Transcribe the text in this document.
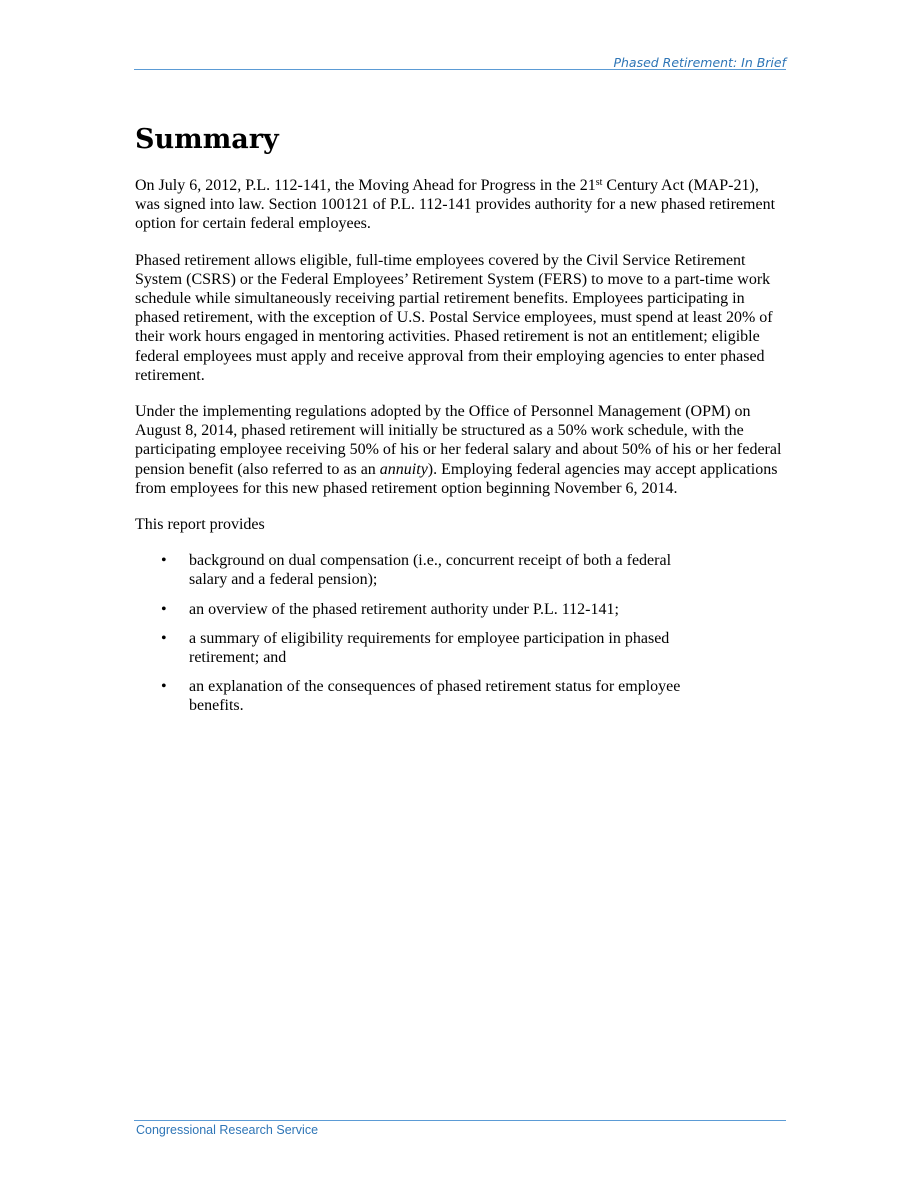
Phased Retirement: In Brief
Summary

On July 6, 2012, P.L. 112-141, the Moving Ahead for Progress in the 21st Century Act (MAP-21), was signed into law. Section 100121 of P.L. 112-141 provides authority for a new phased retirement option for certain federal employees.

Phased retirement allows eligible, full-time employees covered by the Civil Service Retirement System (CSRS) or the Federal Employees’ Retirement System (FERS) to move to a part-time work schedule while simultaneously receiving partial retirement benefits. Employees participating in phased retirement, with the exception of U.S. Postal Service employees, must spend at least 20% of their work hours engaged in mentoring activities. Phased retirement is not an entitlement; eligible federal employees must apply and receive approval from their employing agencies to enter phased retirement.

Under the implementing regulations adopted by the Office of Personnel Management (OPM) on August 8, 2014, phased retirement will initially be structured as a 50% work schedule, with the participating employee receiving 50% of his or her federal salary and about 50% of his or her federal pension benefit (also referred to as an annuity). Employing federal agencies may accept applications from employees for this new phased retirement option beginning November 6, 2014.

This report provides

• background on dual compensation (i.e., concurrent receipt of both a federal salary and a federal pension);
• an overview of the phased retirement authority under P.L. 112-141;
• a summary of eligibility requirements for employee participation in phased retirement; and
• an explanation of the consequences of phased retirement status for employee benefits.
Congressional Research Service
